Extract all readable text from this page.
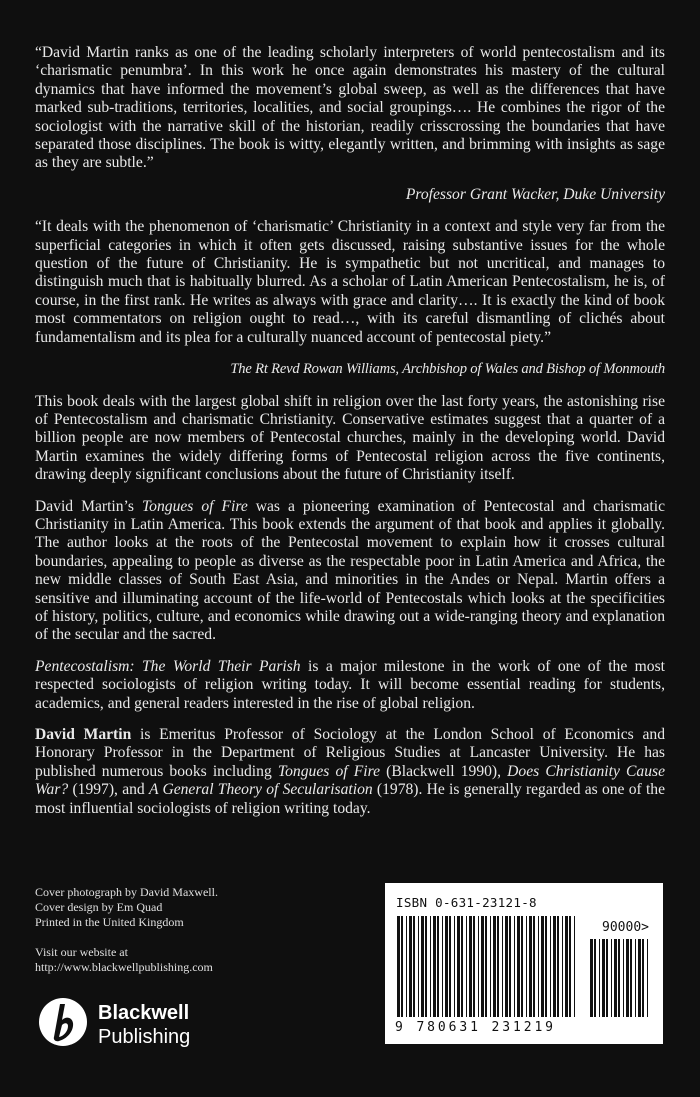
“David Martin ranks as one of the leading scholarly interpreters of world pentecostalism and its ‘charismatic penumbra’. In this work he once again demonstrates his mastery of the cultural dynamics that have informed the movement’s global sweep, as well as the differences that have marked sub-traditions, territories, localities, and social groupings…. He combines the rigor of the sociologist with the narrative skill of the historian, readily crisscrossing the boundaries that have separated those disciplines. The book is witty, elegantly written, and brimming with insights as sage as they are subtle.”

Professor Grant Wacker, Duke University

“It deals with the phenomenon of ‘charismatic’ Christianity in a context and style very far from the superficial categories in which it often gets discussed, raising substantive issues for the whole question of the future of Christianity. He is sympathetic but not uncritical, and manages to distinguish much that is habitually blurred. As a scholar of Latin American Pentecostalism, he is, of course, in the first rank. He writes as always with grace and clarity…. It is exactly the kind of book most commentators on religion ought to read…, with its careful dismantling of clichés about fundamentalism and its plea for a culturally nuanced account of pentecostal piety.”

The Rt Revd Rowan Williams, Archbishop of Wales and Bishop of Monmouth

This book deals with the largest global shift in religion over the last forty years, the astonishing rise of Pentecostalism and charismatic Christianity. Conservative estimates suggest that a quarter of a billion people are now members of Pentecostal churches, mainly in the developing world. David Martin examines the widely differing forms of Pentecostal religion across the five continents, drawing deeply significant conclusions about the future of Christianity itself.

David Martin’s Tongues of Fire was a pioneering examination of Pentecostal and charismatic Christianity in Latin America. This book extends the argument of that book and applies it globally. The author looks at the roots of the Pentecostal movement to explain how it crosses cultural boundaries, appealing to people as diverse as the respectable poor in Latin America and Africa, the new middle classes of South East Asia, and minorities in the Andes or Nepal. Martin offers a sensitive and illuminating account of the life-world of Pentecostals which looks at the specificities of history, politics, culture, and economics while drawing out a wide-ranging theory and explanation of the secular and the sacred.

Pentecostalism: The World Their Parish is a major milestone in the work of one of the most respected sociologists of religion writing today. It will become essential reading for students, academics, and general readers interested in the rise of global religion.

David Martin is Emeritus Professor of Sociology at the London School of Economics and Honorary Professor in the Department of Religious Studies at Lancaster University. He has published numerous books including Tongues of Fire (Blackwell 1990), Does Christianity Cause War? (1997), and A General Theory of Secularisation (1978). He is generally regarded as one of the most influential sociologists of religion writing today.

Cover photograph by David Maxwell.
Cover design by Em Quad
Printed in the United Kingdom
Visit our website at
http://www.blackwellpublishing.com
Blackwell
Publishing
ISBN 0-631-23121-8
90000>
9 780631 231219
